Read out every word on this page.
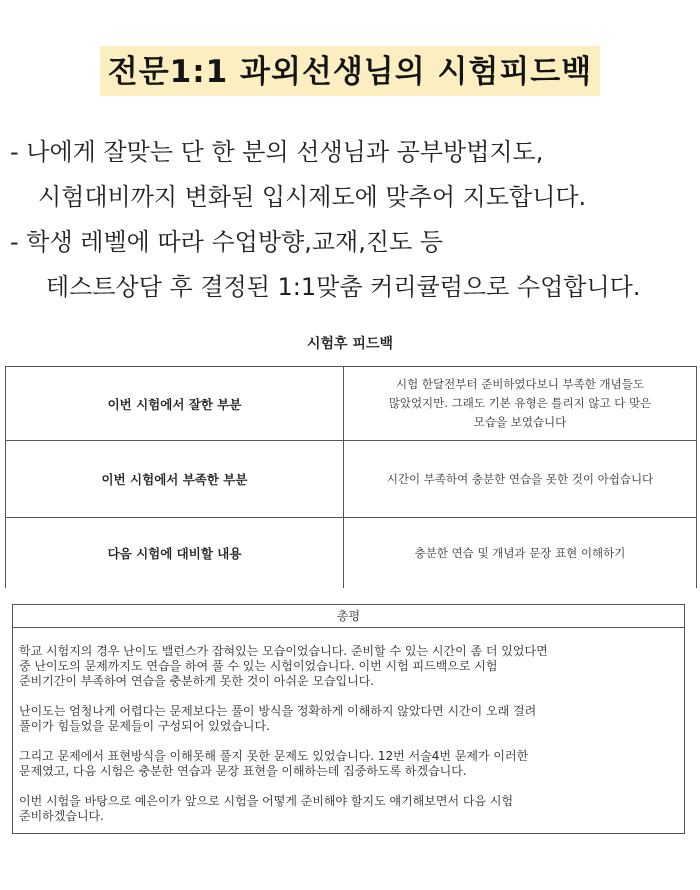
전문1:1 과외선생님의 시험피드백
- 나에게 잘맞는 단 한 분의 선생님과 공부방법지도,
시험대비까지 변화된 입시제도에 맞추어 지도합니다.
- 학생 레벨에 따라 수업방향,교재,진도 등
테스트상담 후 결정된 1:1맞춤 커리큘럼으로 수업합니다.
시험후 피드백
이번 시험에서 잘한 부분	시험 한달전부터 준비하였다보니 부족한 개념들도
많았었지만. 그래도 기본 유형은 틀리지 않고 다 맞은
모습을 보였습니다

이번 시험에서 부족한 부분	시간이 부족하여 충분한 연습을 못한 것이 아쉽습니다

다음 시험에 대비할 내용	충분한 연습 및 개념과 문장 표현 이해하기
총평

학교 시험지의 경우 난이도 밸런스가 잡혀있는 모습이었습니다. 준비할 수 있는 시간이 좀 더 있었다면
중 난이도의 문제까지도 연습을 하여 풀 수 있는 시험이었습니다. 이번 시험 피드백으로 시험
준비기간이 부족하여 연습을 충분하게 못한 것이 아쉬운 모습입니다.

난이도는 엄청나게 어렵다는 문제보다는 풀이 방식을 정확하게 이해하지 않았다면 시간이 오래 걸려
풀이가 힘들었을 문제들이 구성되어 있었습니다.

그리고 문제에서 표현방식을 이해못해 풀지 못한 문제도 있었습니다. 12번 서술4번 문제가 이러한
문제였고, 다음 시험은 충분한 연습과 문장 표현을 이해하는데 집중하도록 하겠습니다.

이번 시험을 바탕으로 예은이가 앞으로 시험을 어떻게 준비해야 할지도 얘기해보면서 다음 시험
준비하겠습니다.
